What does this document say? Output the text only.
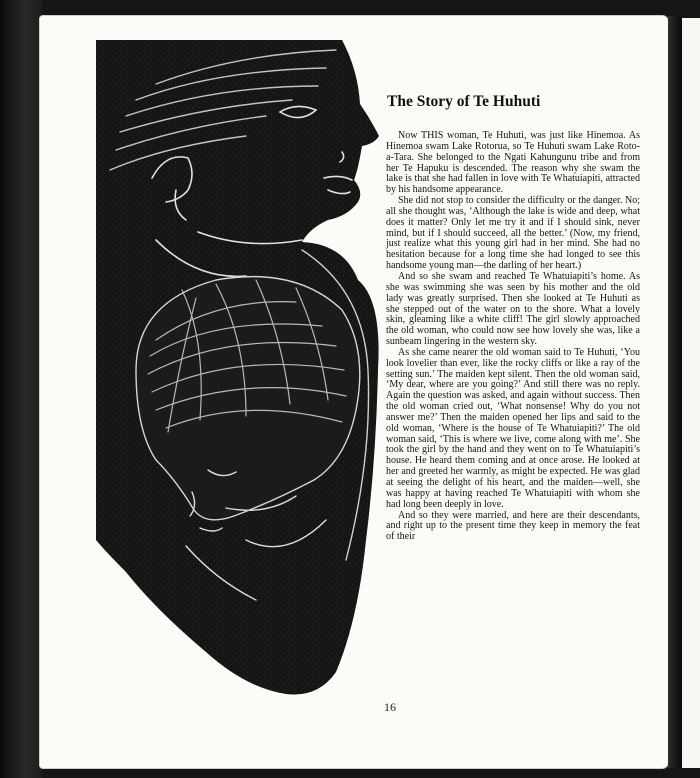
The Story of Te Huhuti

Now THIS woman, Te Huhuti, was just like Hinemoa. As Hinemoa swam Lake Rotorua, so Te Huhuti swam Lake Roto-a-Tara. She belonged to the Ngati Kahungunu tribe and from her Te Hapuku is descended. The reason why she swam the lake is that she had fallen in love with Te Whatuiapiti, attracted by his handsome appearance.

She did not stop to consider the difficulty or the danger. No; all she thought was, ‘Although the lake is wide and deep, what does it matter? Only let me try it and if I should sink, never mind, but if I should succeed, all the better.’ (Now, my friend, just realize what this young girl had in her mind. She had no hesitation because for a long time she had longed to see this handsome young man—the darling of her heart.)

And so she swam and reached Te Whatuiapiti’s home. As she was swimming she was seen by his mother and the old lady was greatly surprised. Then she looked at Te Huhuti as she stepped out of the water on to the shore. What a lovely skin, gleaming like a white cliff! The girl slowly approached the old woman, who could now see how lovely she was, like a sunbeam lingering in the western sky.

As she came nearer the old woman said to Te Huhuti, ‘You look lovelier than ever, like the rocky cliffs or like a ray of the setting sun.’ The maiden kept silent. Then the old woman said, ‘My dear, where are you going?’ And still there was no reply. Again the question was asked, and again without success. Then the old woman cried out, ‘What nonsense! Why do you not answer me?’ Then the maiden opened her lips and said to the old woman, ‘Where is the house of Te Whatuiapiti?’ The old woman said, ‘This is where we live, come along with me’. She took the girl by the hand and they went on to Te Whatuiapiti’s house. He heard them coming and at once arose. He looked at her and greeted her warmly, as might be expected. He was glad at seeing the delight of his heart, and the maiden—well, she was happy at having reached Te Whatuiapiti with whom she had long been deeply in love.

And so they were married, and here are their descendants, and right up to the present time they keep in memory the feat of their

16
